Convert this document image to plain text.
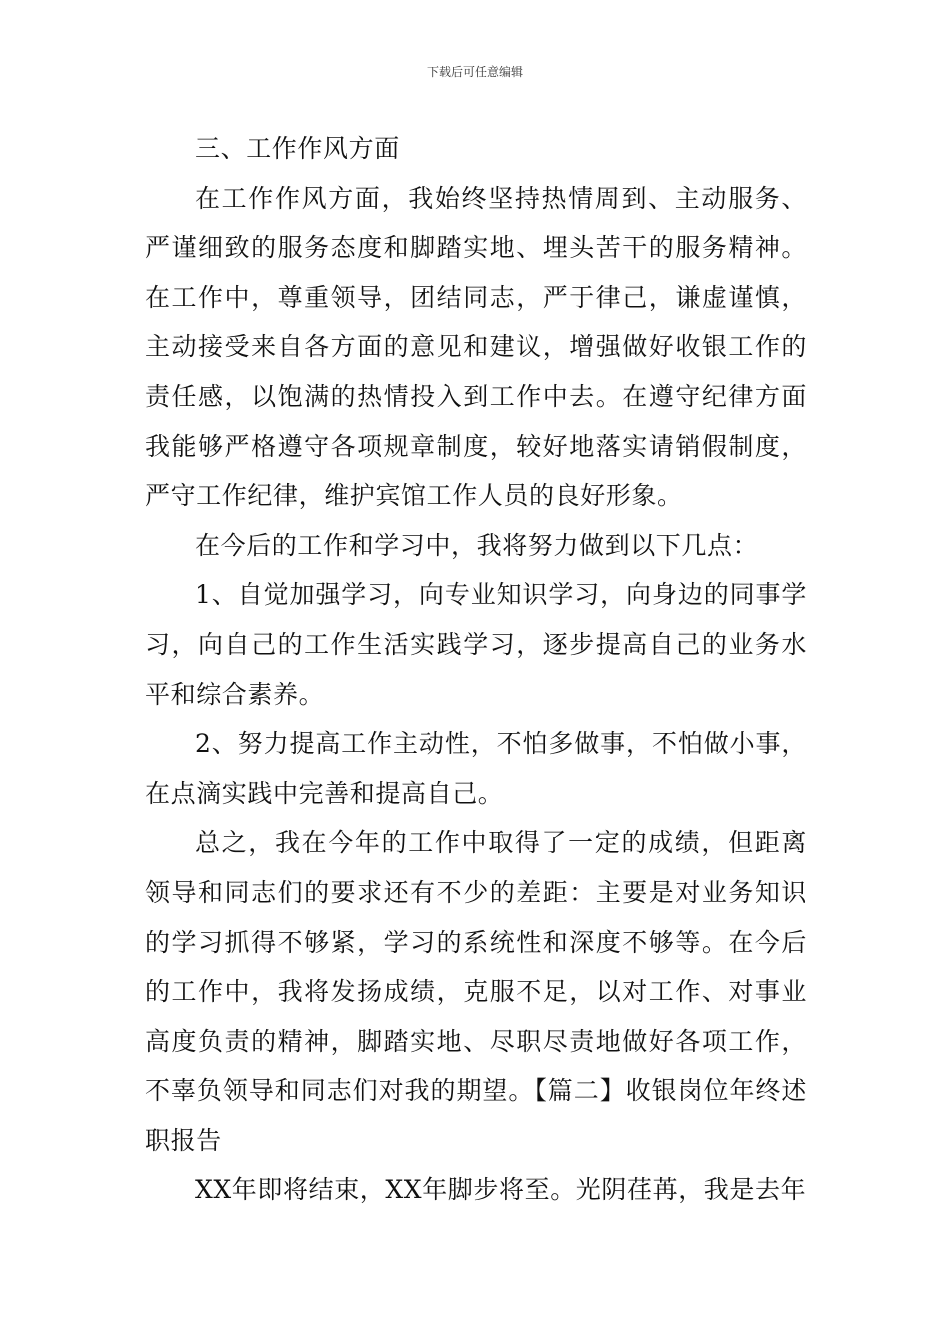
下载后可任意编辑

三、工作作风方面

在工作作风方面，我始终坚持热情周到、主动服务、严谨细致的服务态度和脚踏实地、埋头苦干的服务精神。在工作中，尊重领导，团结同志，严于律己，谦虚谨慎，主动接受来自各方面的意见和建议，增强做好收银工作的责任感，以饱满的热情投入到工作中去。在遵守纪律方面我能够严格遵守各项规章制度，较好地落实请销假制度，严守工作纪律，维护宾馆工作人员的良好形象。

在今后的工作和学习中，我将努力做到以下几点：

1、自觉加强学习，向专业知识学习，向身边的同事学习，向自己的工作生活实践学习，逐步提高自己的业务水平和综合素养。

2、努力提高工作主动性，不怕多做事，不怕做小事，在点滴实践中完善和提高自己。

总之，我在今年的工作中取得了一定的成绩，但距离领导和同志们的要求还有不少的差距：主要是对业务知识的学习抓得不够紧，学习的系统性和深度不够等。在今后的工作中，我将发扬成绩，克服不足，以对工作、对事业高度负责的精神，脚踏实地、尽职尽责地做好各项工作，不辜负领导和同志们对我的期望。【篇二】收银岗位年终述职报告

XX年即将结束，XX年脚步将至。光阴荏苒，我是去年
